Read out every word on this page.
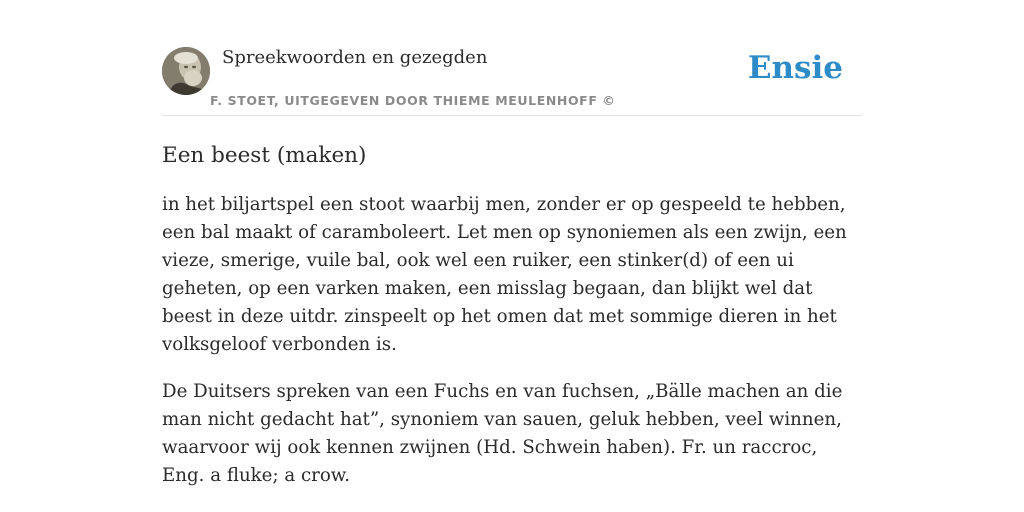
Spreekwoorden en gezegden
F. STOET, UITGEGEVEN DOOR THIEME MEULENHOFF ©
Ensie
Een beest (maken)

in het biljartspel een stoot waarbij men, zonder er op gespeeld te hebben, een bal maakt of caramboleert. Let men op synoniemen als een zwijn, een vieze, smerige, vuile bal, ook wel een ruiker, een stinker(d) of een ui geheten, op een varken maken, een misslag begaan, dan blijkt wel dat beest in deze uitdr. zinspeelt op het omen dat met sommige dieren in het volksgeloof verbonden is.

De Duitsers spreken van een Fuchs en van fuchsen, „Bälle machen an die man nicht gedacht hat”, synoniem van sauen, geluk hebben, veel winnen, waarvoor wij ook kennen zwijnen (Hd. Schwein haben). Fr. un raccroc, Eng. a fluke; a crow.
